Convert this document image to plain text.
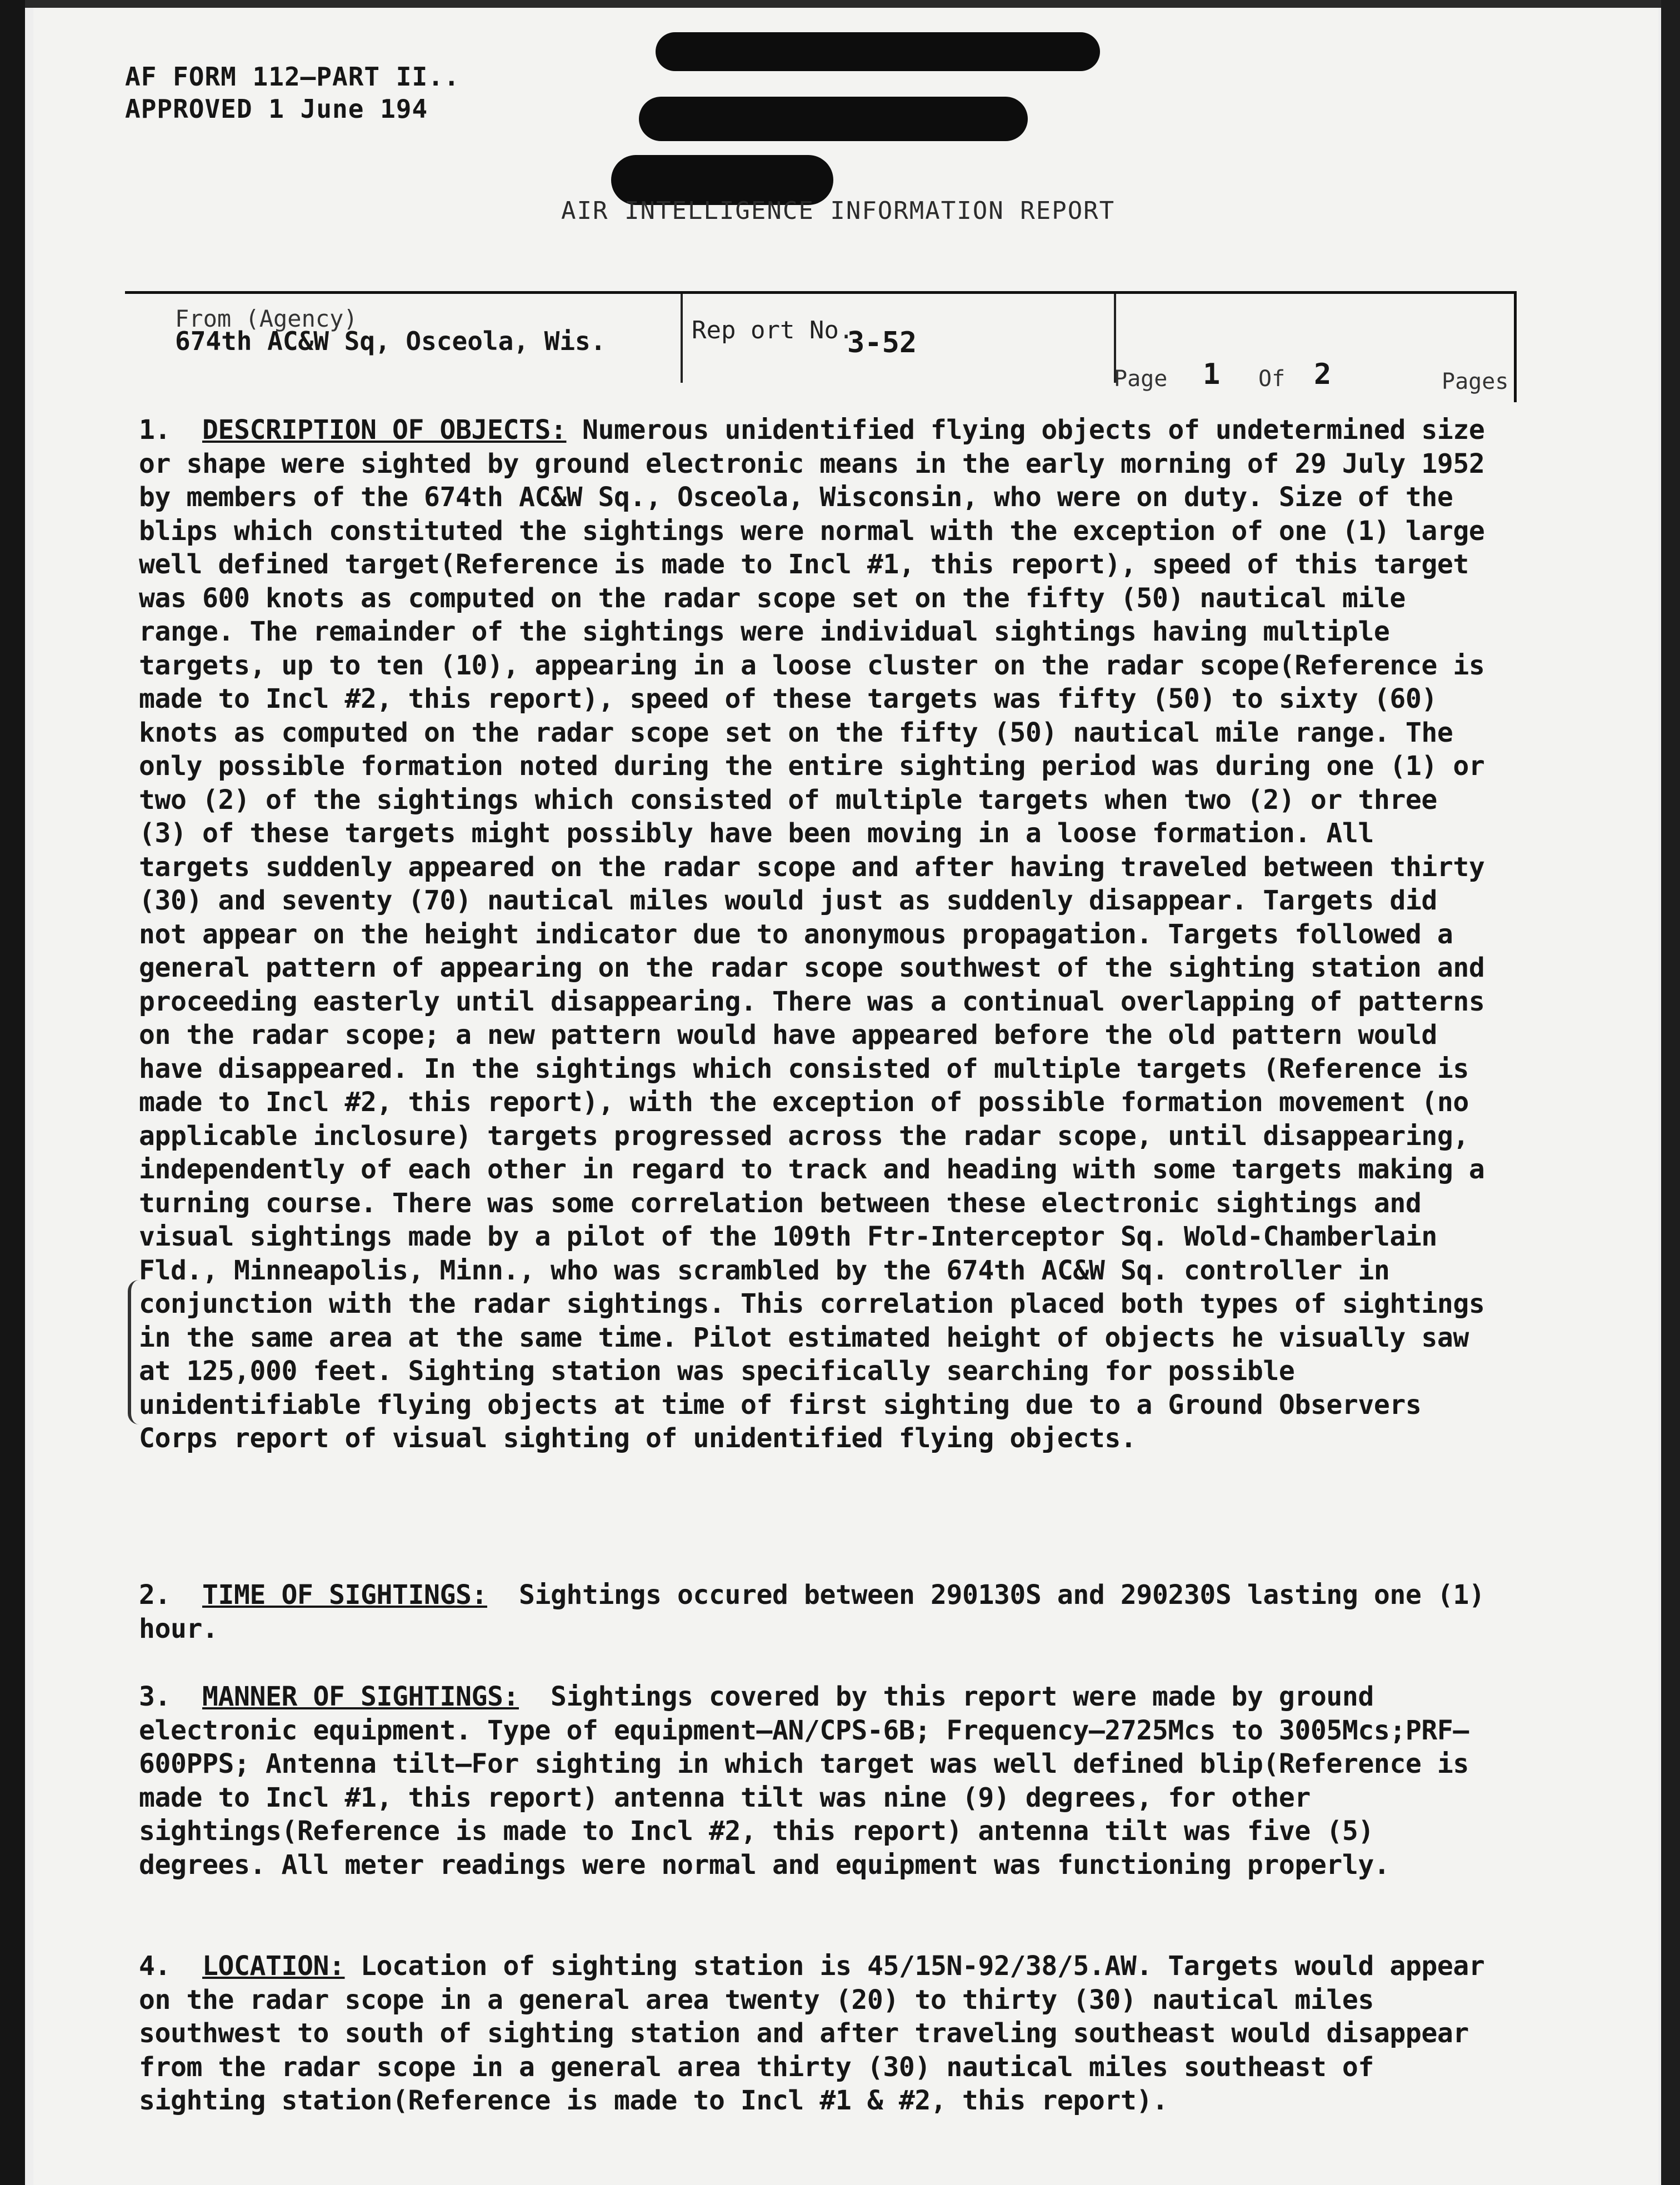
AF FORM 112—PART II..
APPROVED 1 June 194
AIR INTELLIGENCE INFORMATION REPORT
From (Agency)
674th AC&W Sq, Osceola, Wis.	Rep ort No.
3-52
Page 1 Of 2	Pages

1. DESCRIPTION OF OBJECTS: Numerous unidentified flying objects of undetermined size or shape were sighted by ground electronic means in the early morning of 29 July 1952 by members of the 674th AC&W Sq., Osceola, Wisconsin, who were on duty. Size of the blips which constituted the sightings were normal with the exception of one (1) large well defined target(Reference is made to Incl #1, this report), speed of this target was 600 knots as computed on the radar scope set on the fifty (50) nautical mile range. The remainder of the sightings were individual sightings having multiple targets, up to ten (10), appearing in a loose cluster on the radar scope(Reference is made to Incl #2, this report), speed of these targets was fifty (50) to sixty (60) knots as computed on the radar scope set on the fifty (50) nautical mile range. The only possible formation noted during the entire sighting period was during one (1) or two (2) of the sightings which consisted of multiple targets when two (2) or three (3) of these targets might possibly have been moving in a loose formation. All targets suddenly appeared on the radar scope and after having traveled between thirty (30) and seventy (70) nautical miles would just as suddenly disappear. Targets did not appear on the height indicator due to anonymous propagation. Targets followed a general pattern of appearing on the radar scope southwest of the sighting station and proceeding easterly until disappearing. There was a continual overlapping of patterns on the radar scope; a new pattern would have appeared before the old pattern would have disappeared. In the sightings which consisted of multiple targets (Reference is made to Incl #2, this report), with the exception of possible formation movement (no applicable inclosure) targets progressed across the radar scope, until disappearing, independently of each other in regard to track and heading with some targets making a turning course. There was some correlation between these electronic sightings and visual sightings made by a pilot of the 109th Ftr-Interceptor Sq. Wold-Chamberlain Fld., Minneapolis, Minn., who was scrambled by the 674th AC&W Sq. controller in conjunction with the radar sightings. This correlation placed both types of sightings in the same area at the same time. Pilot estimated height of objects he visually saw at 125,000 feet. Sighting station was specifically searching for possible unidentifiable flying objects at time of first sighting due to a Ground Observers Corps report of visual sighting of unidentified flying objects.

2. TIME OF SIGHTINGS: Sightings occured between 290130S and 290230S lasting one (1) hour.

3. MANNER OF SIGHTINGS: Sightings covered by this report were made by ground electronic equipment. Type of equipment—AN/CPS-6B; Frequency—2725Mcs to 3005Mcs;PRF—600PPS; Antenna tilt—For sighting in which target was well defined blip(Reference is made to Incl #1, this report) antenna tilt was nine (9) degrees, for other sightings(Reference is made to Incl #2, this report) antenna tilt was five (5) degrees. All meter readings were normal and equipment was functioning properly.

4. LOCATION: Location of sighting station is 45/15N-92/38/5.AW. Targets would appear on the radar scope in a general area twenty (20) to thirty (30) nautical miles southwest to south of sighting station and after traveling southeast would disappear from the radar scope in a general area thirty (30) nautical miles southeast of sighting station(Reference is made to Incl #1 & #2, this report).
